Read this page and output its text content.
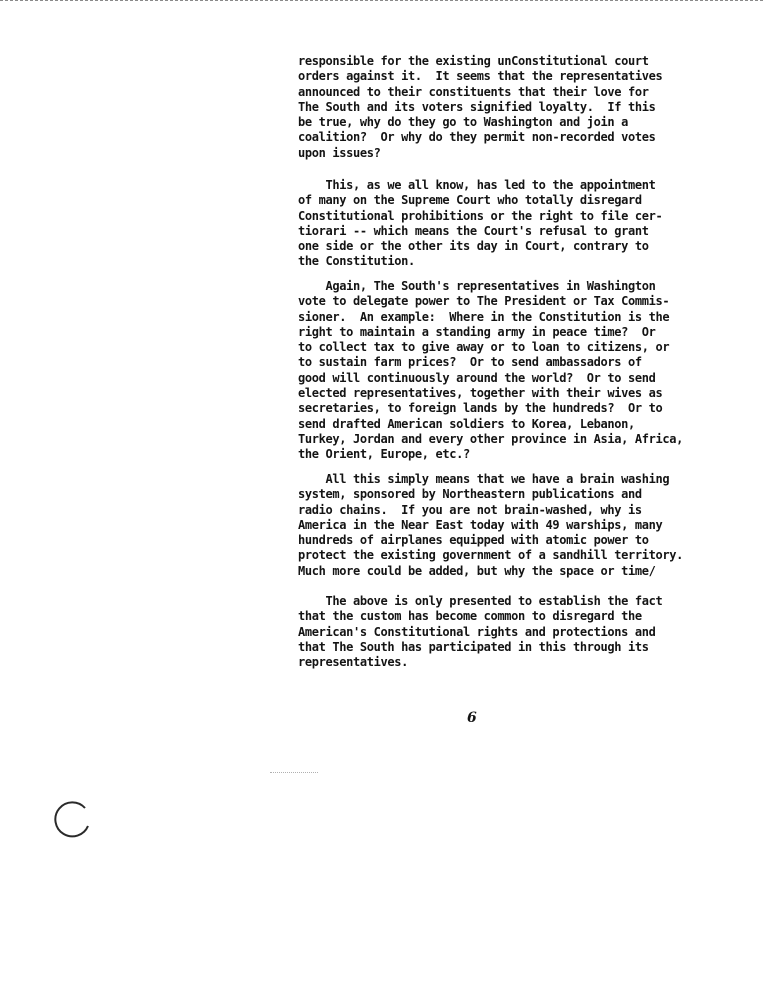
responsible for the existing unConstitutional court
orders against it.  It seems that the representatives
announced to their constituents that their love for
The South and its voters signified loyalty.  If this
be true, why do they go to Washington and join a
coalition?  Or why do they permit non-recorded votes
upon issues?

This, as we all know, has led to the appointment
of many on the Supreme Court who totally disregard
Constitutional prohibitions or the right to file cer-
tiorari -- which means the Court's refusal to grant
one side or the other its day in Court, contrary to
the Constitution.

Again, The South's representatives in Washington
vote to delegate power to The President or Tax Commis-
sioner.  An example:  Where in the Constitution is the
right to maintain a standing army in peace time?  Or
to collect tax to give away or to loan to citizens, or
to sustain farm prices?  Or to send ambassadors of
good will continuously around the world?  Or to send
elected representatives, together with their wives as
secretaries, to foreign lands by the hundreds?  Or to
send drafted American soldiers to Korea, Lebanon,
Turkey, Jordan and every other province in Asia, Africa,
the Orient, Europe, etc.?

All this simply means that we have a brain washing
system, sponsored by Northeastern publications and
radio chains.  If you are not brain-washed, why is
America in the Near East today with 49 warships, many
hundreds of airplanes equipped with atomic power to
protect the existing government of a sandhill territory.
Much more could be added, but why the space or time/

The above is only presented to establish the fact
that the custom has become common to disregard the
American's Constitutional rights and protections and
that The South has participated in this through its
representatives.

6
